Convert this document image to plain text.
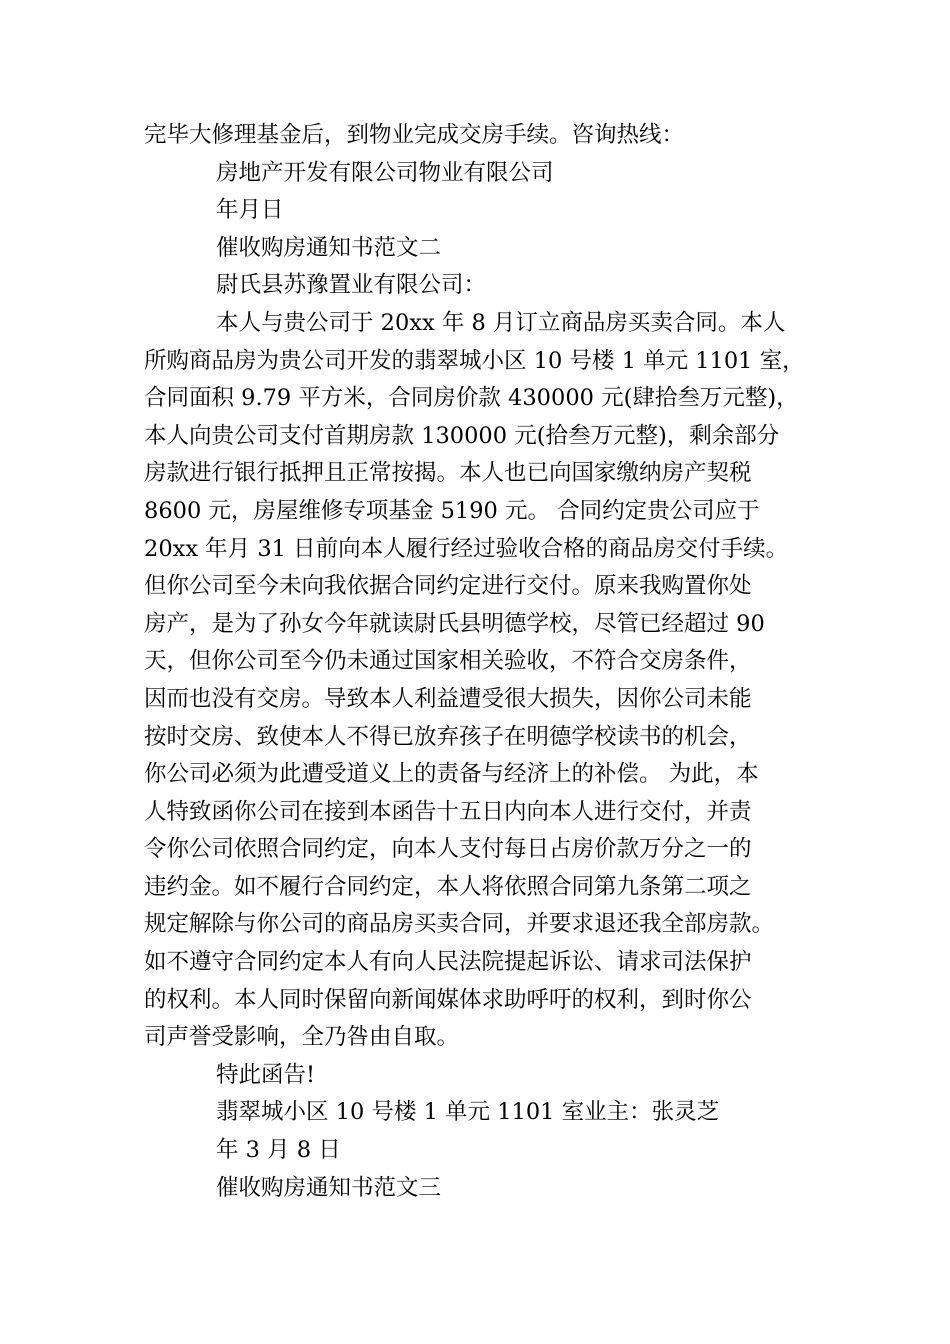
完毕大修理基金后，到物业完成交房手续。咨询热线：
房地产开发有限公司物业有限公司
年月日
催收购房通知书范文二
尉氏县苏豫置业有限公司：
本人与贵公司于 20xx 年 8 月订立商品房买卖合同。本人
所购商品房为贵公司开发的翡翠城小区 10 号楼 1 单元 1101 室，
合同面积 9.79 平方米，合同房价款 430000 元(肆拾叁万元整)，
本人向贵公司支付首期房款 130000 元(拾叁万元整)，剩余部分
房款进行银行抵押且正常按揭。本人也已向国家缴纳房产契税
8600 元，房屋维修专项基金 5190 元。 合同约定贵公司应于
20xx 年月 31 日前向本人履行经过验收合格的商品房交付手续。
但你公司至今未向我依据合同约定进行交付。原来我购置你处
房产，是为了孙女今年就读尉氏县明德学校，尽管已经超过 90
天，但你公司至今仍未通过国家相关验收，不符合交房条件，
因而也没有交房。导致本人利益遭受很大损失，因你公司未能
按时交房、致使本人不得已放弃孩子在明德学校读书的机会，
你公司必须为此遭受道义上的责备与经济上的补偿。 为此，本
人特致函你公司在接到本函告十五日内向本人进行交付，并责
令你公司依照合同约定，向本人支付每日占房价款万分之一的
违约金。如不履行合同约定，本人将依照合同第九条第二项之
规定解除与你公司的商品房买卖合同，并要求退还我全部房款。
如不遵守合同约定本人有向人民法院提起诉讼、请求司法保护
的权利。本人同时保留向新闻媒体求助呼吁的权利，到时你公
司声誉受影响，全乃咎由自取。
特此函告!
翡翠城小区 10 号楼 1 单元 1101 室业主：张灵芝
年 3 月 8 日
催收购房通知书范文三
